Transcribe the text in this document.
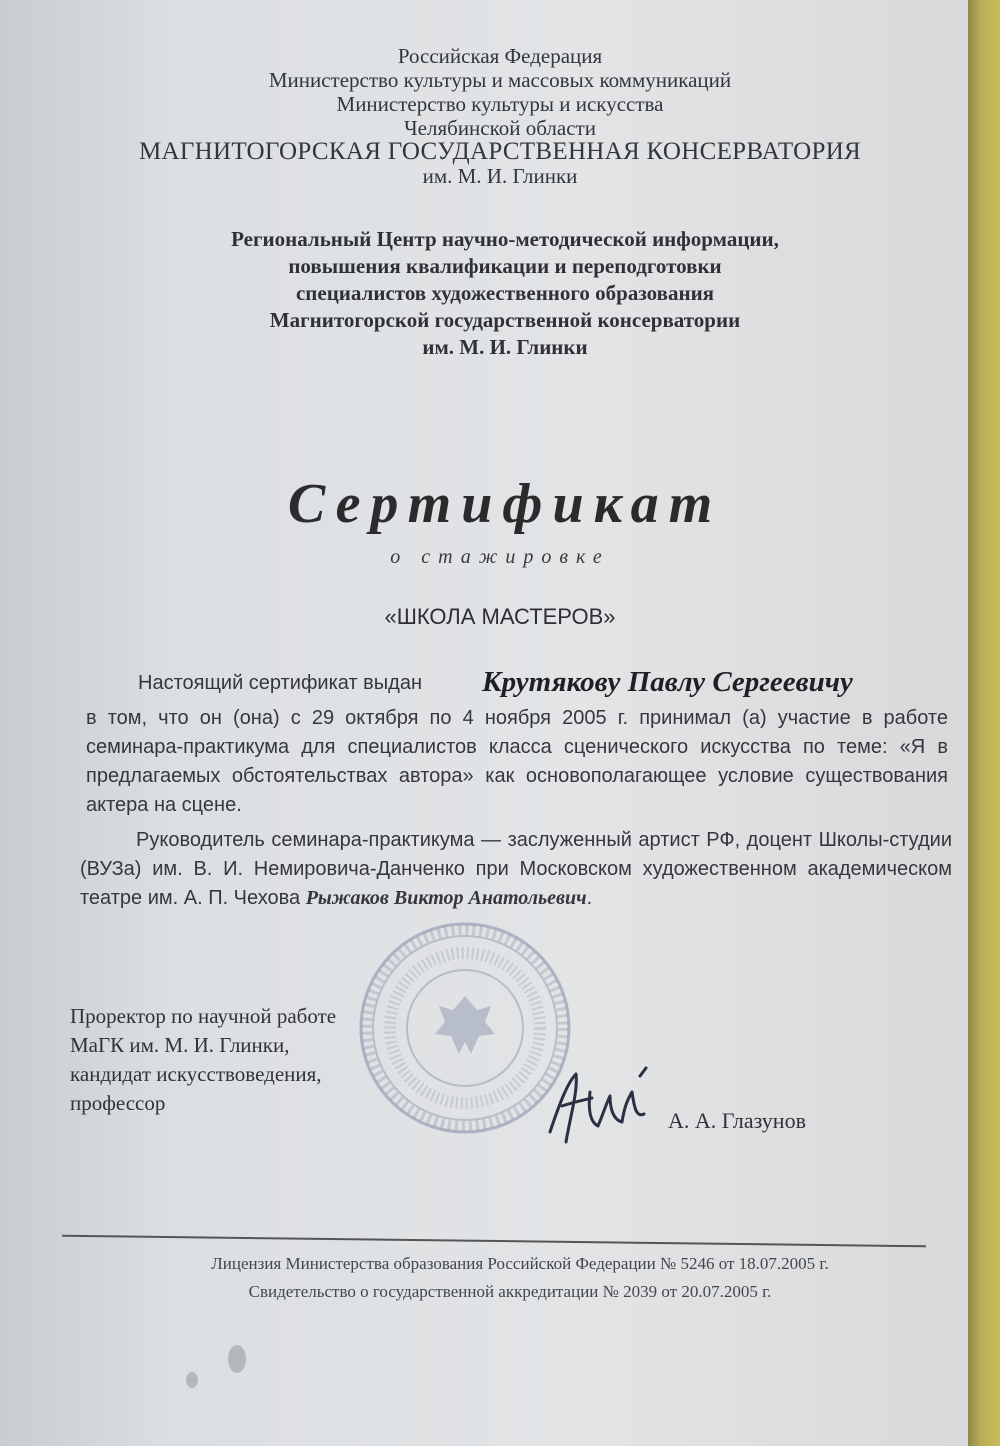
Российская Федерация
Министерство культуры и массовых коммуникаций
Министерство культуры и искусства
Челябинской области
МАГНИТОГОРСКАЯ ГОСУДАРСТВЕННАЯ КОНСЕРВАТОРИЯ
им. М. И. Глинки
Региональный Центр научно-методической информации,
повышения квалификации и переподготовки
специалистов художественного образования
Магнитогорской государственной консерватории
им. М. И. Глинки
Сертификат
о стажировке
«ШКОЛА МАСТЕРОВ»
Настоящий сертификат выдан Крутякову Павлу Сергеевичу

в том, что он (она) с 29 октября по 4 ноября 2005 г. принимал (а) участие в работе семинара-практикума для специалистов класса сценического искусства по теме: «Я в предлагаемых обстоятельствах автора» как основополагающее условие существования актера на сцене.

Руководитель семинара-практикума — заслуженный артист РФ, доцент Школы-студии (ВУЗа) им. В. И. Немировича-Данченко при Московском художественном академическом театре им. А. П. Чехова Рыжаков Виктор Анатольевич.

Проректор по научной работе
МаГК им. М. И. Глинки,
кандидат искусствоведения,
профессор
А. А. Глазунов
Лицензия Министерства образования Российской Федерации № 5246 от 18.07.2005 г.
Свидетельство о государственной аккредитации № 2039 от 20.07.2005 г.
